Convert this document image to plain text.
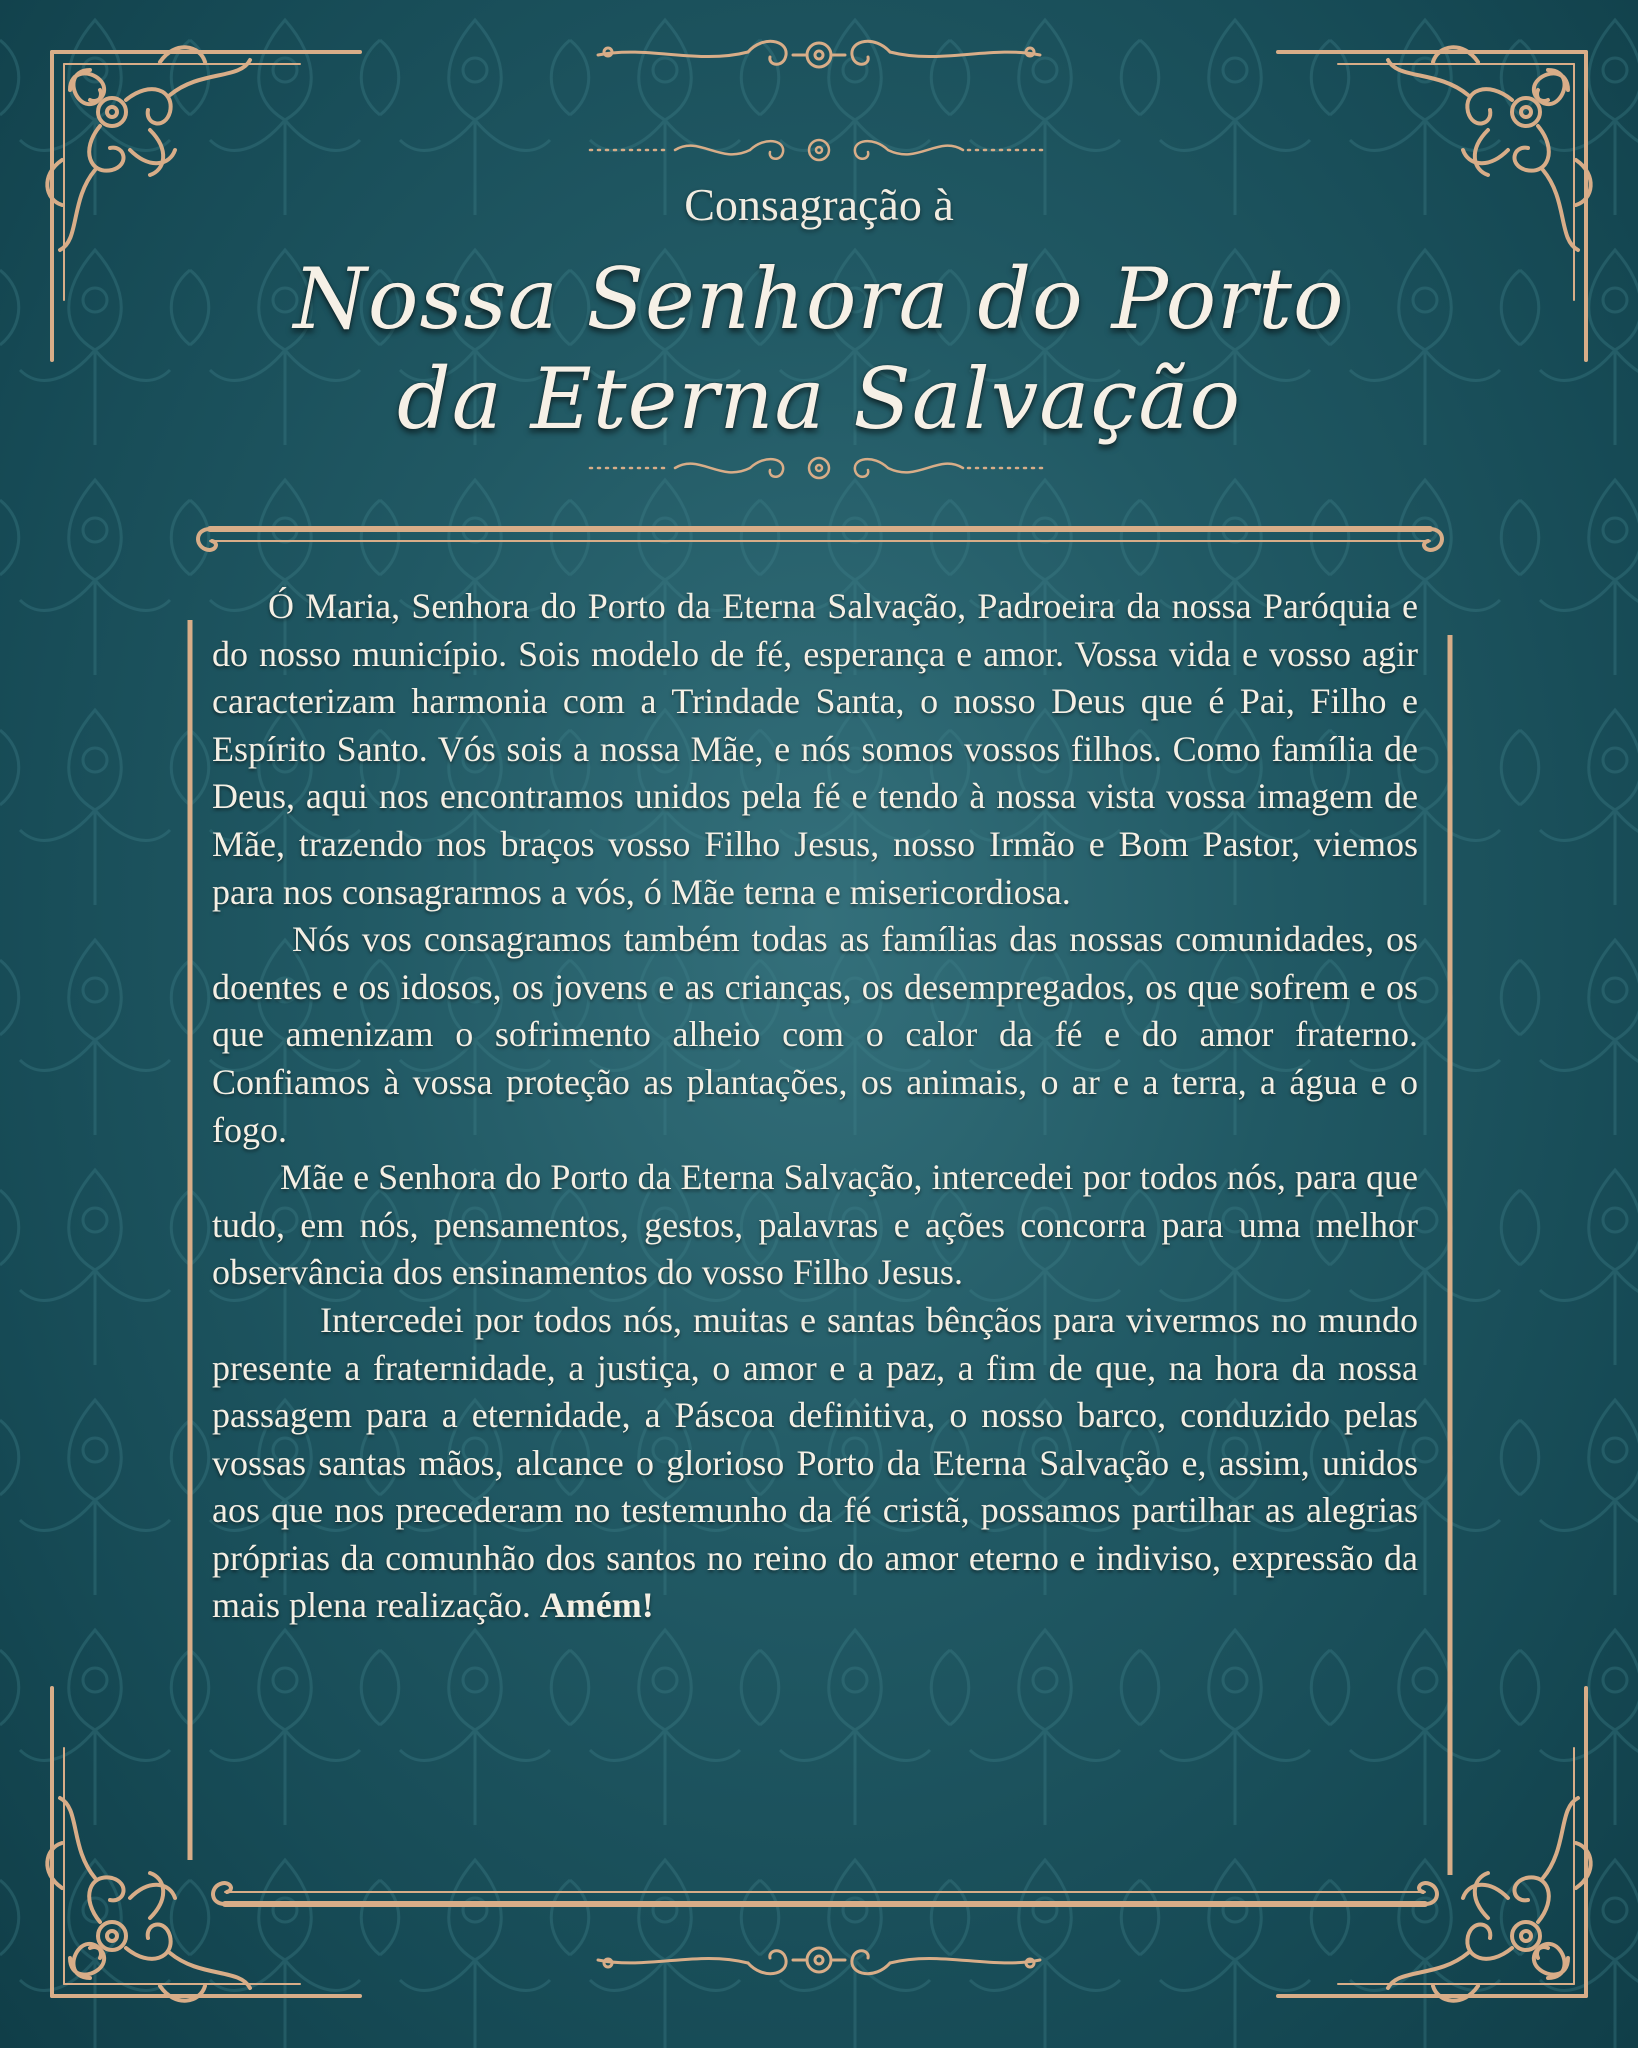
Consagração à
Nossa Senhora do Porto
da Eterna Salvação

Ó Maria, Senhora do Porto da Eterna Salvação, Padroeira da nossa Paróquia e do nosso município. Sois modelo de fé, esperança e amor. Vossa vida e vosso agir caracterizam harmonia com a Trindade Santa, o nosso Deus que é Pai, Filho e Espírito Santo. Vós sois a nossa Mãe, e nós somos vossos filhos. Como família de Deus, aqui nos encontramos unidos pela fé e tendo à nossa vista vossa imagem de Mãe, trazendo nos braços vosso Filho Jesus, nosso Irmão e Bom Pastor, viemos para nos consagrarmos a vós, ó Mãe terna e misericordiosa.

Nós vos consagramos também todas as famílias das nossas comunidades, os doentes e os idosos, os jovens e as crianças, os desempregados, os que sofrem e os que amenizam o sofrimento alheio com o calor da fé e do amor fraterno. Confiamos à vossa proteção as plantações, os animais, o ar e a terra, a água e o fogo.

Mãe e Senhora do Porto da Eterna Salvação, intercedei por todos nós, para que tudo, em nós, pensamentos, gestos, palavras e ações concorra para uma melhor observância dos ensinamentos do vosso Filho Jesus.

Intercedei por todos nós, muitas e santas bênçãos para vivermos no mundo presente a fraternidade, a justiça, o amor e a paz, a fim de que, na hora da nossa passagem para a eternidade, a Páscoa definitiva, o nosso barco, conduzido pelas vossas santas mãos, alcance o glorioso Porto da Eterna Salvação e, assim, unidos aos que nos precederam no testemunho da fé cristã, possamos partilhar as alegrias próprias da comunhão dos santos no reino do amor eterno e indiviso, expressão da mais plena realização. Amém!
